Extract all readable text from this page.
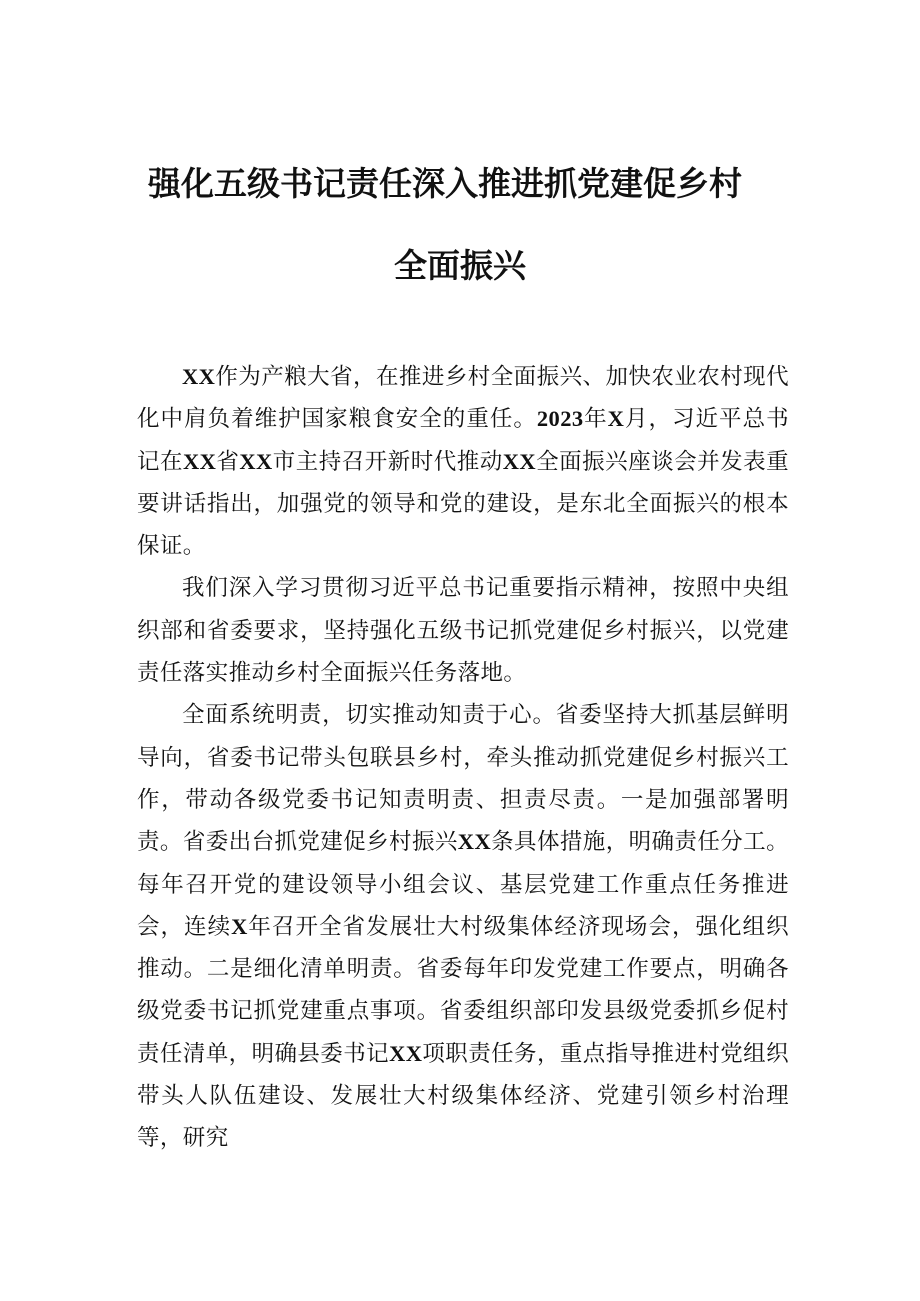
强化五级书记责任深入推进抓党建促乡村
全面振兴

XX作为产粮大省，在推进乡村全面振兴、加快农业农村现代化中肩负着维护国家粮食安全的重任。2023年X月，习近平总书记在XX省XX市主持召开新时代推动XX全面振兴座谈会并发表重要讲话指出，加强党的领导和党的建设，是东北全面振兴的根本保证。

我们深入学习贯彻习近平总书记重要指示精神，按照中央组织部和省委要求，坚持强化五级书记抓党建促乡村振兴，以党建责任落实推动乡村全面振兴任务落地。

全面系统明责，切实推动知责于心。省委坚持大抓基层鲜明导向，省委书记带头包联县乡村，牵头推动抓党建促乡村振兴工作，带动各级党委书记知责明责、担责尽责。一是加强部署明责。省委出台抓党建促乡村振兴XX条具体措施，明确责任分工。每年召开党的建设领导小组会议、基层党建工作重点任务推进会，连续X年召开全省发展壮大村级集体经济现场会，强化组织推动。二是细化清单明责。省委每年印发党建工作要点，明确各级党委书记抓党建重点事项。省委组织部印发县级党委抓乡促村责任清单，明确县委书记XX项职责任务，重点指导推进村党组织带头人队伍建设、发展壮大村级集体经济、党建引领乡村治理等，研究
